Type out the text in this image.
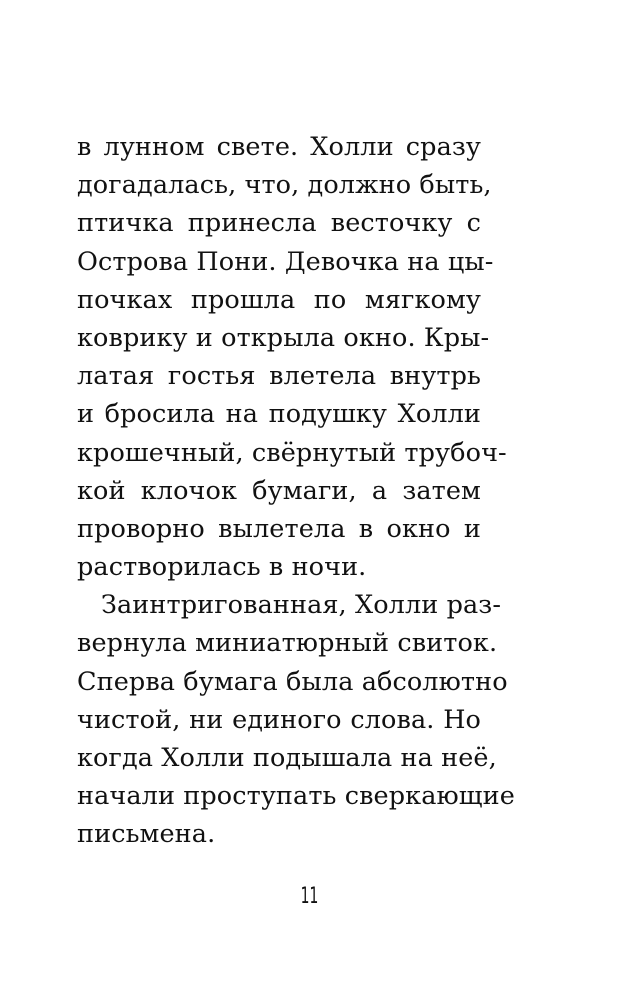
в лунном свете. Холли сразу
догадалась, что, должно быть,
птичка принесла весточку с
Острова Пони. Девочка на цы-
почках прошла по мягкому
коврику и открыла окно. Кры-
латая гостья влетела внутрь
и бросила на подушку Холли
крошечный, свёрнутый трубоч-
кой клочок бумаги, а затем
проворно вылетела в окно и
растворилась в ночи.
Заинтригованная, Холли раз-
вернула миниатюрный свиток.
Сперва бумага была абсолютно
чистой, ни единого слова. Но
когда Холли подышала на неё,
начали проступать сверкающие
письмена.
11
